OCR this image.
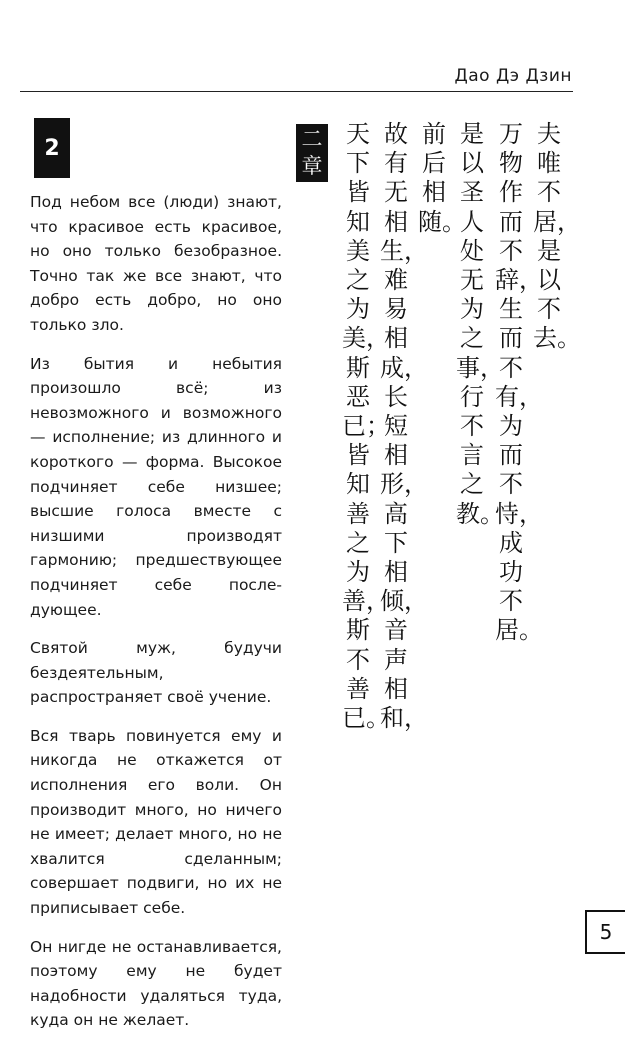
Дао Дэ Дзин
2

Под небом все (люди) знают, что красивое есть красивое, но оно только безобразное. Точно так же все знают, что добро есть добро, но оно только зло.

Из бытия и небытия произошло всё; из невозможного и возможного — исполнение; из длинного и короткого — форма. Высокое подчиняет себе низшее; высшие голоса вместе с низшими производят гармонию; предшествующее подчиняет себе последующее.

Святой муж, будучи бездеятельным, распространяет своё учение.

Вся тварь повинуется ему и никогда не откажется от исполнения его воли. Он производит много, но ничего не имеет; делает много, но не хвалится сделанным; совершает подвиги, но их не приписывает себе.

Он нигде не останавливается, поэтому ему не будет надобности удаляться туда, куда он не желает.

二
章
天下皆知美之为美，斯恶已；皆知善之为善，斯不善已。
故有无相生，难易相成，长短相形，高下相倾，音声相和，
前后相随。
是以圣人处无为之事，行不言之教。
万物作而不辞，生而不有，为而不恃，成功不居。
夫唯不居，是以不去。
5
